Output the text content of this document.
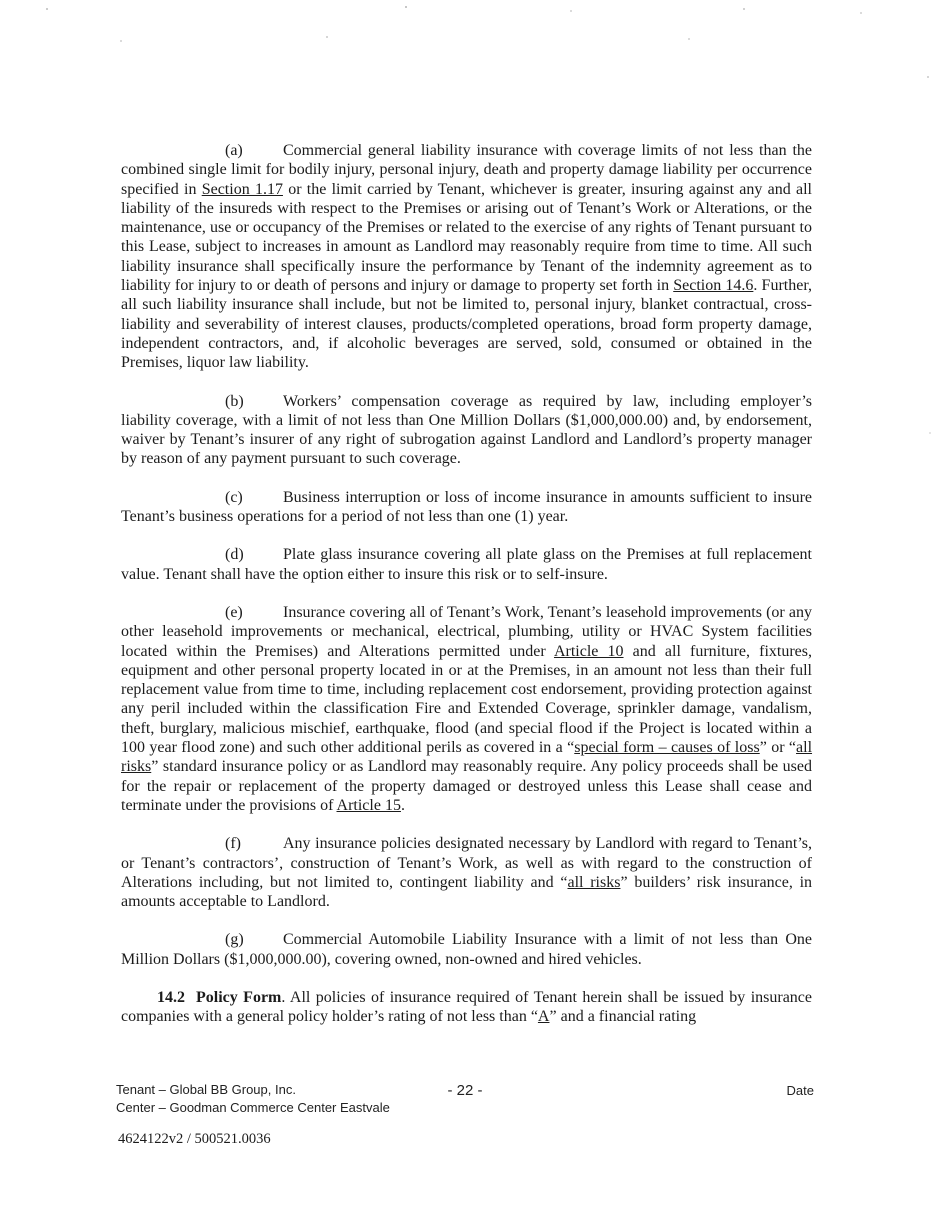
(a)	Commercial general liability insurance with coverage limits of not less than the combined single limit for bodily injury, personal injury, death and property damage liability per occurrence specified in Section 1.17 or the limit carried by Tenant, whichever is greater, insuring against any and all liability of the insureds with respect to the Premises or arising out of Tenant’s Work or Alterations, or the maintenance, use or occupancy of the Premises or related to the exercise of any rights of Tenant pursuant to this Lease, subject to increases in amount as Landlord may reasonably require from time to time. All such liability insurance shall specifically insure the performance by Tenant of the indemnity agreement as to liability for injury to or death of persons and injury or damage to property set forth in Section 14.6. Further, all such liability insurance shall include, but not be limited to, personal injury, blanket contractual, cross-liability and severability of interest clauses, products/completed operations, broad form property damage, independent contractors, and, if alcoholic beverages are served, sold, consumed or obtained in the Premises, liquor law liability.

(b) Workers’ compensation coverage as required by law, including employer’s liability coverage, with a limit of not less than One Million Dollars ($1,000,000.00) and, by endorsement, waiver by Tenant’s insurer of any right of subrogation against Landlord and Landlord’s property manager by reason of any payment pursuant to such coverage.

(c)	Business interruption or loss of income insurance in amounts sufficient to insure Tenant’s business operations for a period of not less than one (1) year.

(d) Plate glass insurance covering all plate glass on the Premises at full replacement value. Tenant shall have the option either to insure this risk or to self-insure.

(e)	Insurance covering all of Tenant’s Work, Tenant’s leasehold improvements (or any other leasehold improvements or mechanical, electrical, plumbing, utility or HVAC System facilities located within the Premises) and Alterations permitted under Article 10 and all furniture, fixtures, equipment and other personal property located in or at the Premises, in an amount not less than their full replacement value from time to time, including replacement cost endorsement, providing protection against any peril included within the classification Fire and Extended Coverage, sprinkler damage, vandalism, theft, burglary, malicious mischief, earthquake, flood (and special flood if the Project is located within a 100 year flood zone) and such other additional perils as covered in a “special form – causes of loss” or “all risks” standard insurance policy or as Landlord may reasonably require. Any policy proceeds shall be used for the repair or replacement of the property damaged or destroyed unless this Lease shall cease and terminate under the provisions of Article 15.

(f)	Any insurance policies designated necessary by Landlord with regard to Tenant’s, or Tenant’s contractors’, construction of Tenant’s Work, as well as with regard to the construction of Alterations including, but not limited to, contingent liability and “all risks” builders’ risk insurance, in amounts acceptable to Landlord.

(g) Commercial Automobile Liability Insurance with a limit of not less than One Million Dollars ($1,000,000.00), covering owned, non-owned and hired vehicles.

14.2 Policy Form. All policies of insurance required of Tenant herein shall be issued by insurance companies with a general policy holder’s rating of not less than “A” and a financial rating

Tenant – Global BB Group, Inc.
Center – Goodman Commerce Center Eastvale
- 22 -	Date
4624122v2 / 500521.0036
